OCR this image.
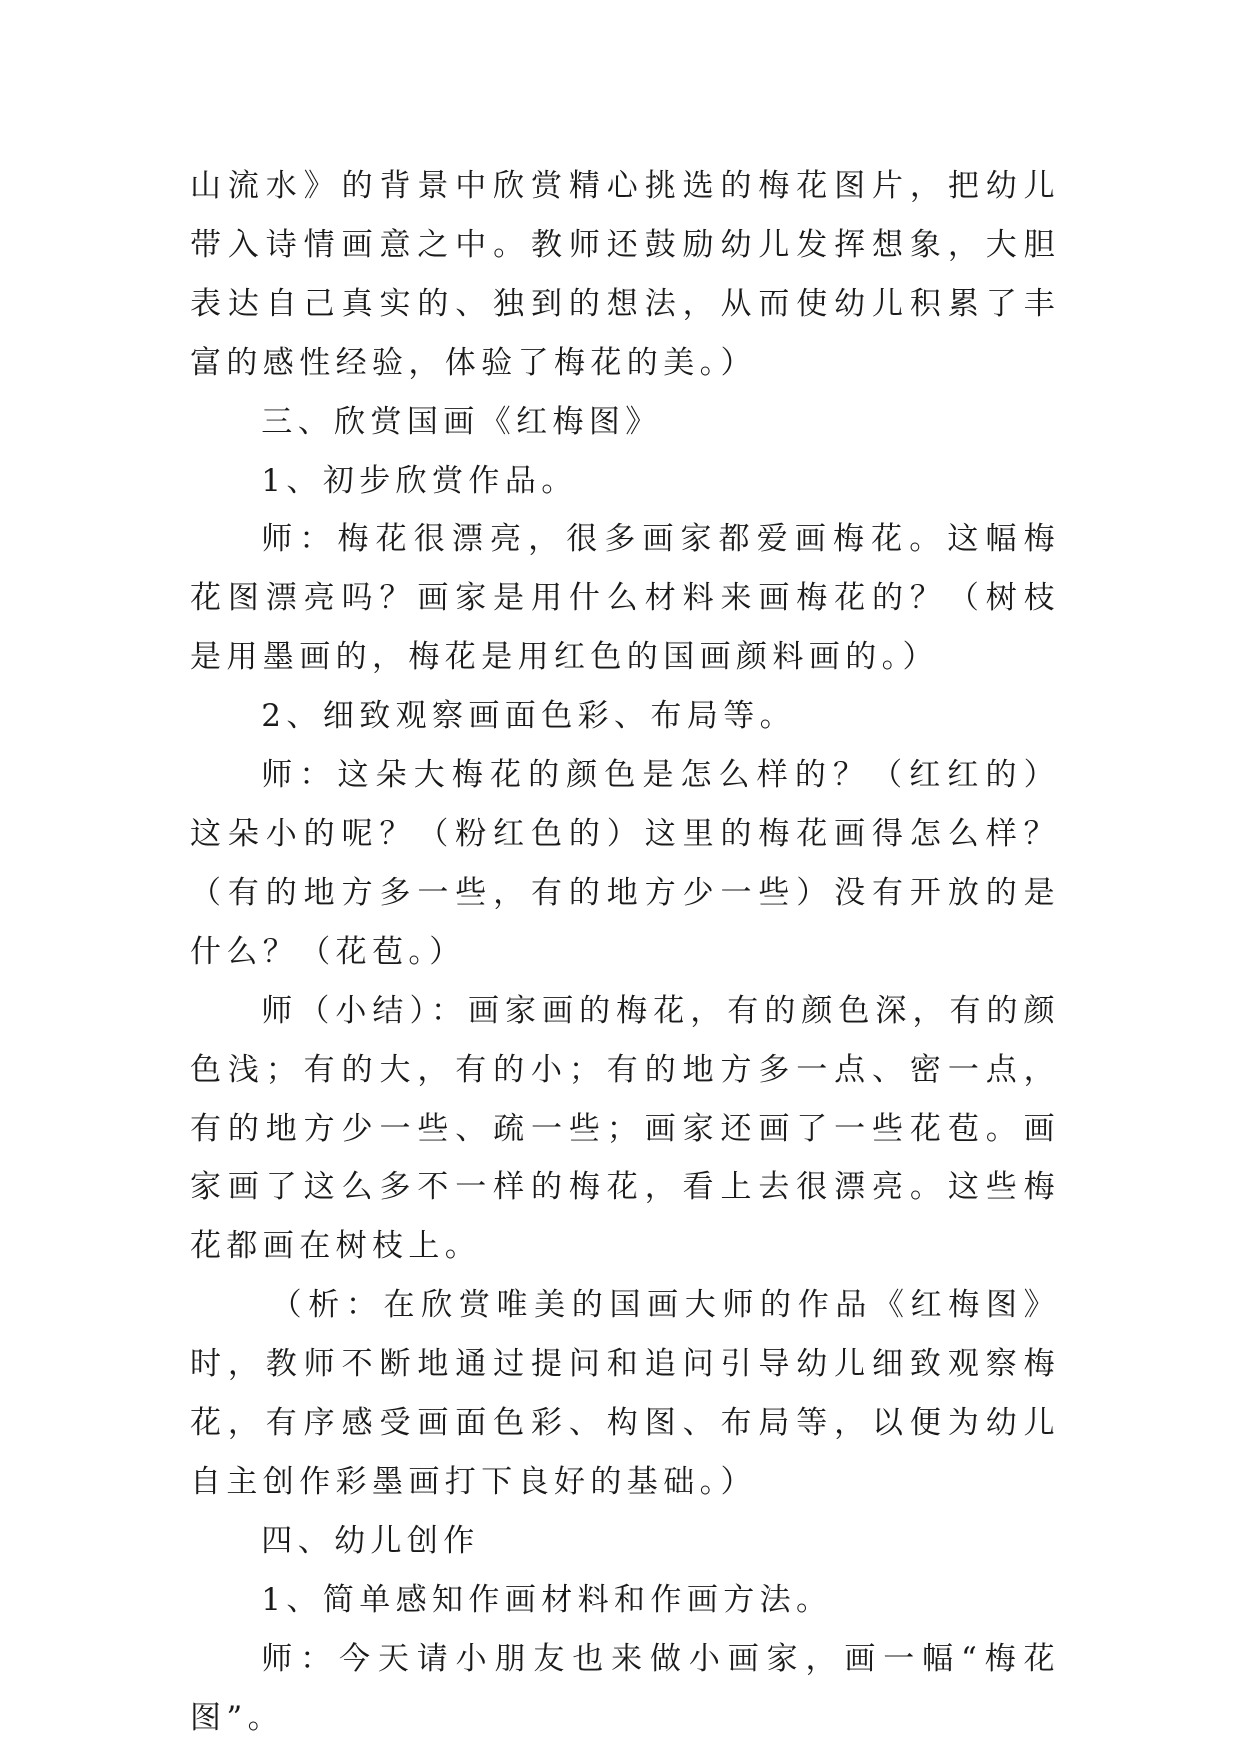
山流水》的背景中欣赏精心挑选的梅花图片，把幼儿带入诗情画意之中。教师还鼓励幼儿发挥想象，大胆表达自己真实的、独到的想法，从而使幼儿积累了丰富的感性经验，体验了梅花的美。）

三、欣赏国画《红梅图》

1、初步欣赏作品。

师：梅花很漂亮，很多画家都爱画梅花。这幅梅花图漂亮吗？画家是用什么材料来画梅花的？（树枝是用墨画的，梅花是用红色的国画颜料画的。）

2、细致观察画面色彩、布局等。

师：这朵大梅花的颜色是怎么样的？（红红的）这朵小的呢？（粉红色的）这里的梅花画得怎么样？（有的地方多一些，有的地方少一些）没有开放的是什么？（花苞。）

师（小结）：画家画的梅花，有的颜色深，有的颜色浅；有的大，有的小；有的地方多一点、密一点，有的地方少一些、疏一些；画家还画了一些花苞。画家画了这么多不一样的梅花，看上去很漂亮。这些梅花都画在树枝上。

（析：在欣赏唯美的国画大师的作品《红梅图》时，教师不断地通过提问和追问引导幼儿细致观察梅花，有序感受画面色彩、构图、布局等，以便为幼儿自主创作彩墨画打下良好的基础。）

四、幼儿创作

1、简单感知作画材料和作画方法。

师：今天请小朋友也来做小画家，画一幅“梅花图”。
